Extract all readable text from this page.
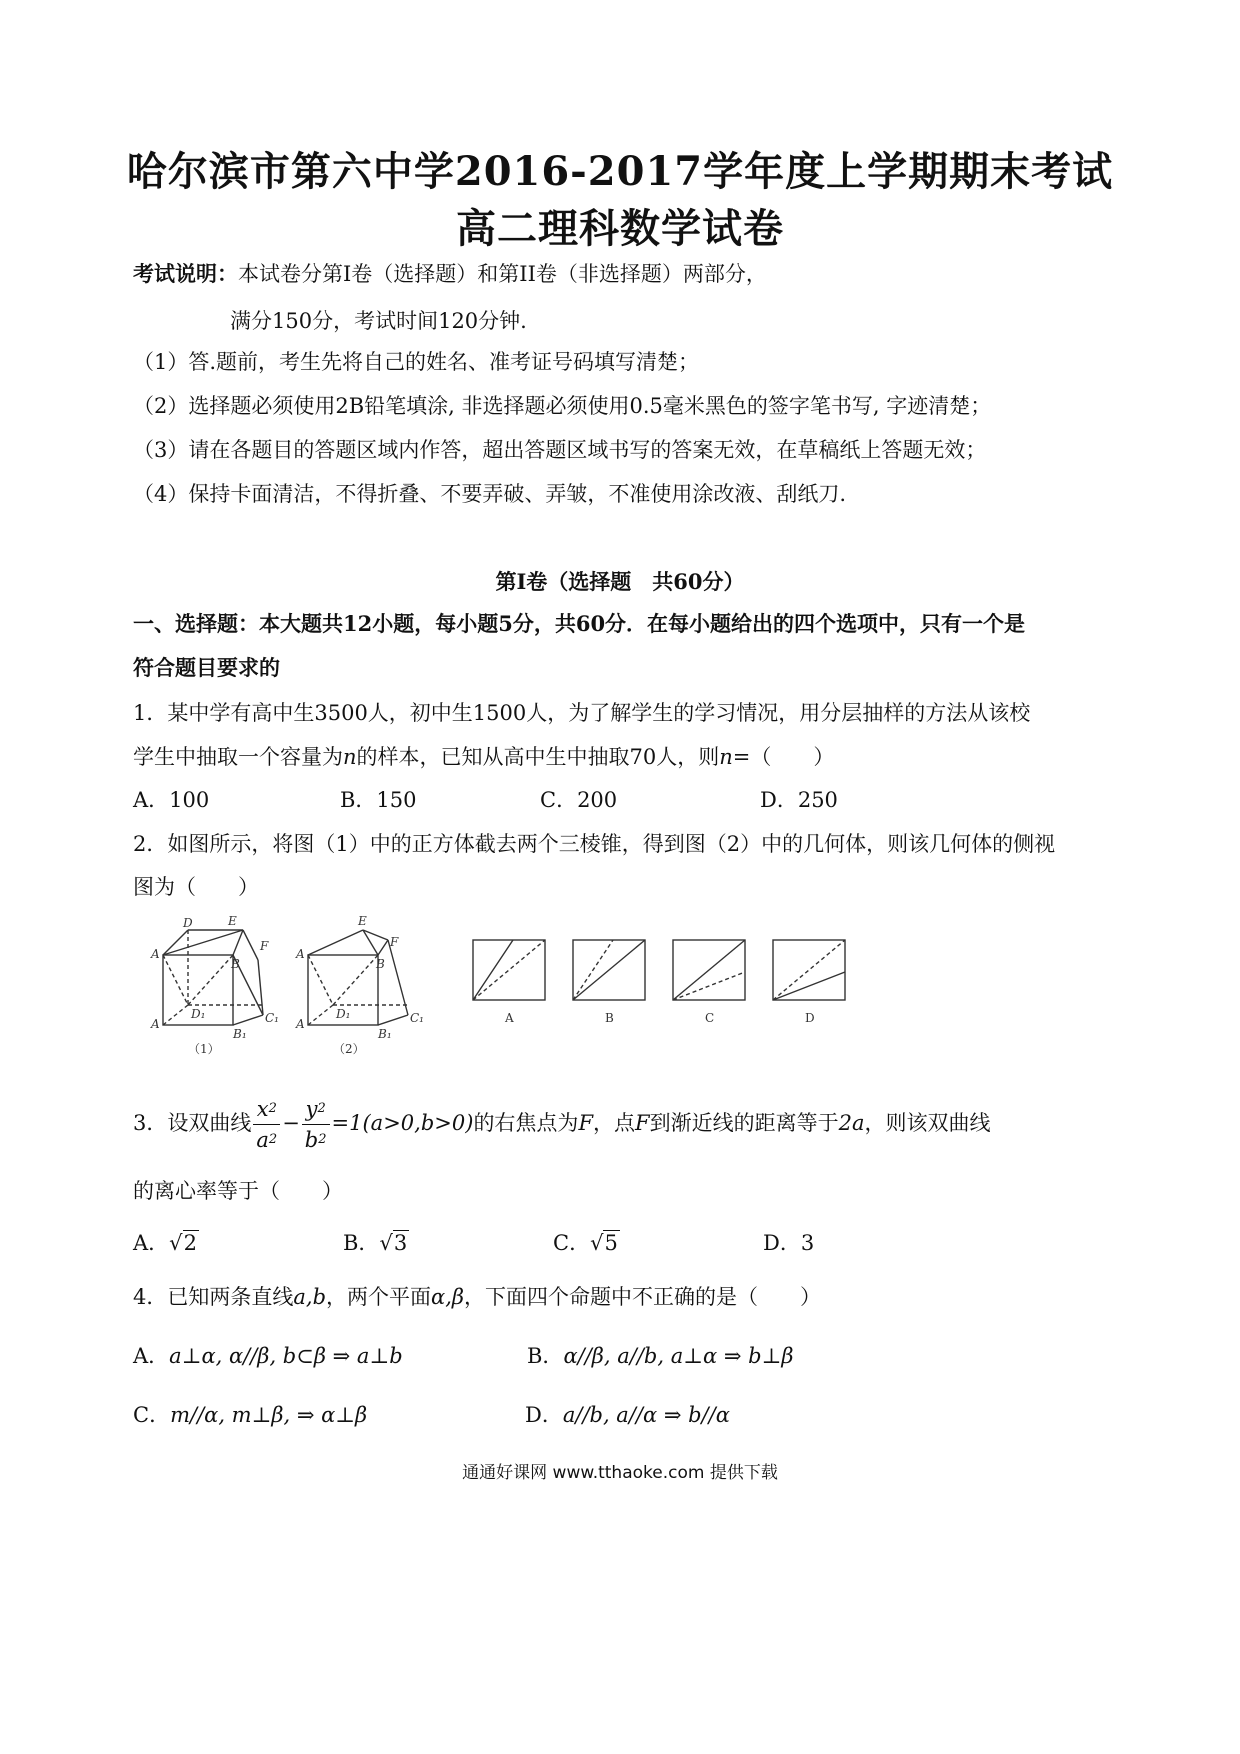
哈尔滨市第六中学2016-2017学年度上学期期末考试
高二理科数学试卷
考试说明：本试卷分第I卷（选择题）和第II卷（非选择题）两部分，
满分150分，考试时间120分钟.
（1）答.题前，考生先将自己的姓名、准考证号码填写清楚；
（2）选择题必须使用2B铅笔填涂, 非选择题必须使用0.5毫米黑色的签字笔书写, 字迹清楚；
（3）请在各题目的答题区域内作答，超出答题区域书写的答案无效，在草稿纸上答题无效；
（4）保持卡面清洁，不得折叠、不要弄破、弄皱，不准使用涂改液、刮纸刀.
第I卷（选择题　共60分）
一、选择题：本大题共12小题，每小题5分，共60分．在每小题给出的四个选项中，只有一个是
符合题目要求的
1．某中学有高中生3500人，初中生1500人，为了解学生的学习情况，用分层抽样的方法从该校
学生中抽取一个容量为n的样本，已知从高中生中抽取70人，则n=（　　）
A．100	B．150	C．200	D．250
2．如图所示，将图（1）中的正方体截去两个三棱锥，得到图（2）中的几何体，则该几何体的侧视
图为（　　）
D	E
A
F
B
C₁
D₁
A
B₁
（1）
E
A
F
B
C₁
D₁
A
B₁
（2）
A	B	C	D
3．设双曲线 $\frac{x^2}{a^2} - \frac{y^2}{b^2} =1(a>0,b>0)$的右焦点为F，点F到渐近线的距离等于2a，则该双曲线
的离心率等于（　　）
A．√2	B．√3	C．√5	D．3
4．已知两条直线a,b，两个平面α,β，下面四个命题中不正确的是（　　）
A．a⊥α, α//β, b⊂β ⇒ a⊥b	B．α//β, a//b, a⊥α ⇒ b⊥β
C．m//α, m⊥β, ⇒ α⊥β	D．a//b, a//α ⇒ b//α
通通好课网 www.tthaoke.com 提供下载
